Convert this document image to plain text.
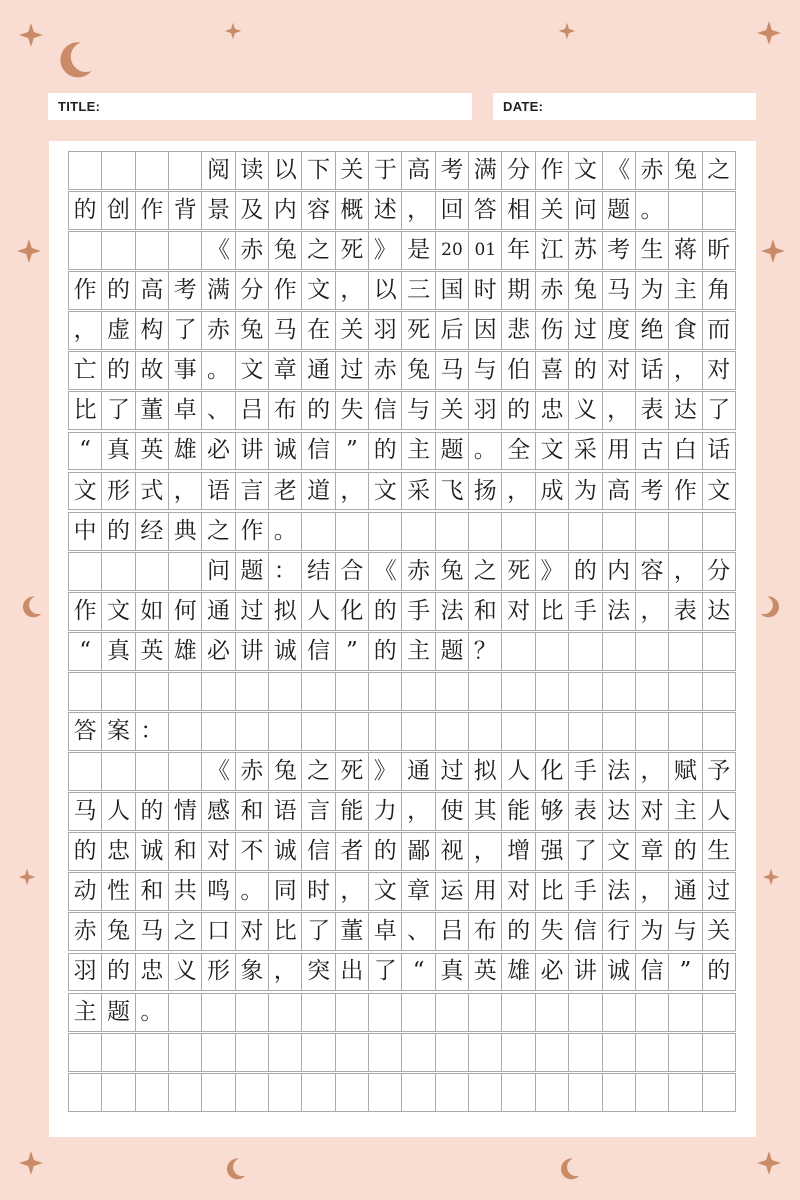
TITLE:	DATE:
阅 读 以 下 关 于 高 考 满 分 作 文 《 赤 兔 之
的 创 作 背 景 及 内 容 概 述 ， 回 答 相 关 问 题 。
《 赤 兔 之 死 》 是 20 01 年 江 苏 考 生 蒋 昕
作 的 高 考 满 分 作 文 ， 以 三 国 时 期 赤 兔 马 为 主 角
， 虚 构 了 赤 兔 马 在 关 羽 死 后 因 悲 伤 过 度 绝 食 而
亡 的 故 事 。 文 章 通 过 赤 兔 马 与 伯 喜 的 对 话 ， 对
比 了 董 卓 、 吕 布 的 失 信 与 关 羽 的 忠 义 ， 表 达 了
“ 真 英 雄 必 讲 诚 信 ” 的 主 题 。 全 文 采 用 古 白 话
文 形 式 ， 语 言 老 道 ， 文 采 飞 扬 ， 成 为 高 考 作 文
中 的 经 典 之 作 。
问 题 ： 结 合 《 赤 兔 之 死 》 的 内 容 ， 分
作 文 如 何 通 过 拟 人 化 的 手 法 和 对 比 手 法 ， 表 达
“ 真 英 雄 必 讲 诚 信 ” 的 主 题 ？
答 案 ：
《 赤 兔 之 死 》 通 过 拟 人 化 手 法 ， 赋 予
马 人 的 情 感 和 语 言 能 力 ， 使 其 能 够 表 达 对 主 人
的 忠 诚 和 对 不 诚 信 者 的 鄙 视 ， 增 强 了 文 章 的 生
动 性 和 共 鸣 。 同 时 ， 文 章 运 用 对 比 手 法 ， 通 过
赤 兔 马 之 口 对 比 了 董 卓 、 吕 布 的 失 信 行 为 与 关
羽 的 忠 义 形 象 ， 突 出 了 “ 真 英 雄 必 讲 诚 信 ” 的
主 题 。
